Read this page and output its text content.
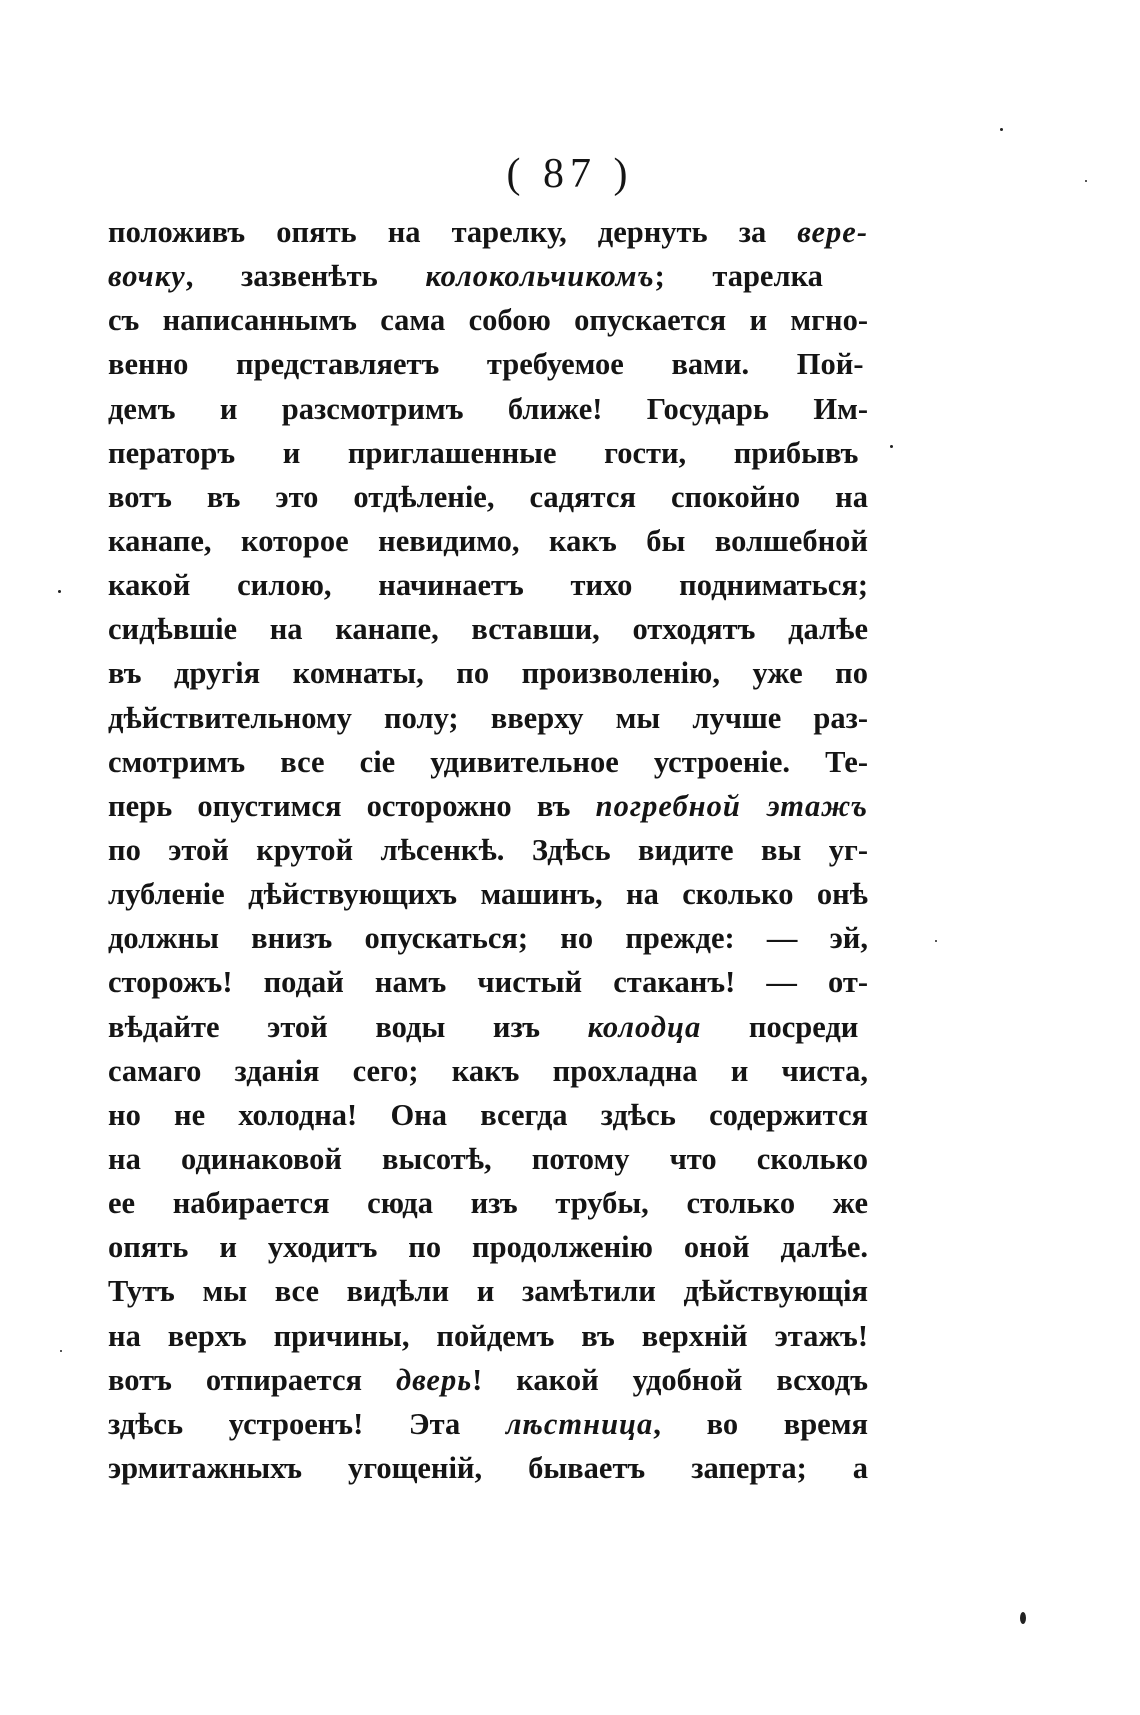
( 87 )
положивъ опять на тарелку, дернуть за вере-
вочку, зазвенѣть колокольчикомъ; тарелка
съ написаннымъ сама собою опускается и мгно-
венно представляетъ требуемое вами. Пой-
демъ и разсмотримъ ближе! Государь Им-
ператоръ и приглашенные гости, прибывъ
вотъ въ это отдѣленіе, садятся спокойно на
канапе, которое невидимо, какъ бы волшебной
какой силою, начинаетъ тихо подниматься;
сидѣвшіе на канапе, вставши, отходятъ далѣе
въ другія комнаты, по произволенію, уже по
дѣйствительному полу; вверху мы лучше раз-
смотримъ все сіе удивительное устроеніе. Те-
перь опустимся осторожно въ погребной этажъ
по этой крутой лѣсенкѣ. Здѣсь видите вы уг-
лубленіе дѣйствующихъ машинъ, на сколько онѣ
должны внизъ опускаться; но прежде: — эй,
сторожъ! подай намъ чистый стаканъ! — от-
вѣдайте этой воды изъ колодца посреди
самаго зданія сего; какъ прохладна и чиста,
но не холодна! Она всегда здѣсь содержится
на одинаковой высотѣ, потому что сколько
ее набирается сюда изъ трубы, столько же
опять и уходитъ по продолженію оной далѣе.
Тутъ мы все видѣли и замѣтили дѣйствующія
на верхъ причины, пойдемъ въ верхній этажъ!
вотъ отпирается дверь! какой удобной всходъ
здѣсь устроенъ! Эта лѣстница, во время
эрмитажныхъ угощеній, бываетъ заперта; а
